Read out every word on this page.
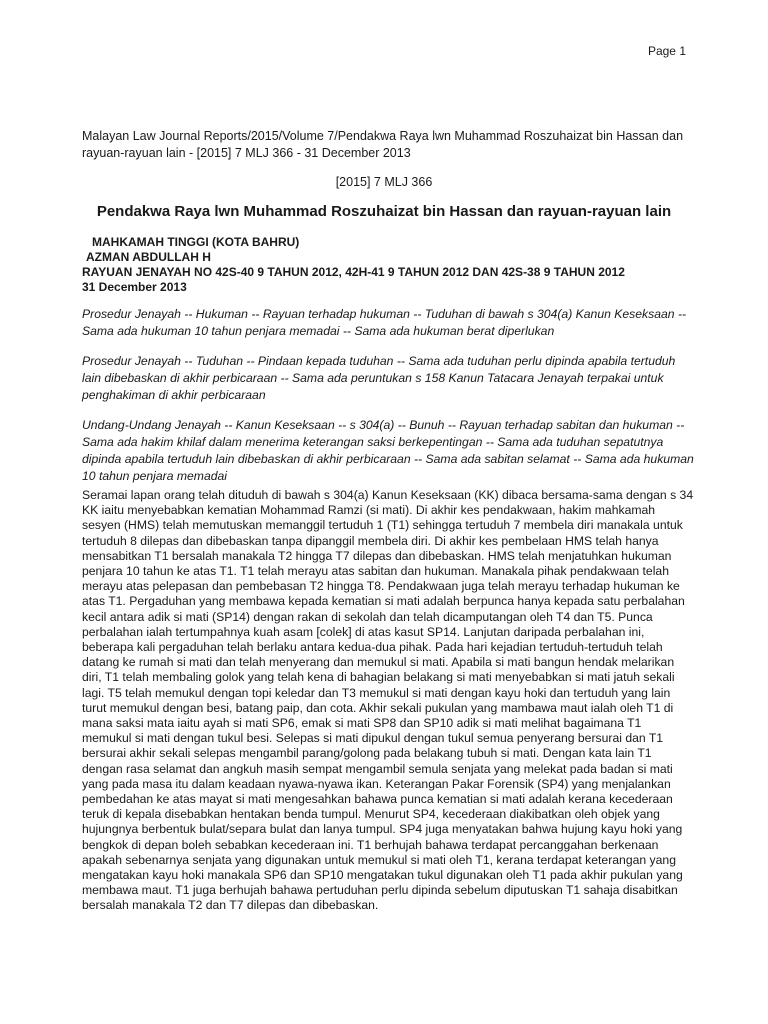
Page 1
Malayan Law Journal Reports/2015/Volume 7/Pendakwa Raya lwn Muhammad Roszuhaizat bin Hassan dan rayuan-rayuan lain - [2015] 7 MLJ 366 - 31 December 2013
[2015] 7 MLJ 366
Pendakwa Raya lwn Muhammad Roszuhaizat bin Hassan dan rayuan-rayuan lain
MAHKAMAH TINGGI (KOTA BAHRU)
AZMAN ABDULLAH H
RAYUAN JENAYAH NO 42S-40 9 TAHUN 2012, 42H-41 9 TAHUN 2012 DAN 42S-38 9 TAHUN 2012
31 December 2013

Prosedur Jenayah -- Hukuman -- Rayuan terhadap hukuman -- Tuduhan di bawah s 304(a) Kanun Keseksaan -- Sama ada hukuman 10 tahun penjara memadai -- Sama ada hukuman berat diperlukan

Prosedur Jenayah -- Tuduhan -- Pindaan kepada tuduhan -- Sama ada tuduhan perlu dipinda apabila tertuduh lain dibebaskan di akhir perbicaraan -- Sama ada peruntukan s 158 Kanun Tatacara Jenayah terpakai untuk penghakiman di akhir perbicaraan

Undang-Undang Jenayah -- Kanun Keseksaan -- s 304(a) -- Bunuh -- Rayuan terhadap sabitan dan hukuman -- Sama ada hakim khilaf dalam menerima keterangan saksi berkepentingan -- Sama ada tuduhan sepatutnya dipinda apabila tertuduh lain dibebaskan di akhir perbicaraan -- Sama ada sabitan selamat -- Sama ada hukuman 10 tahun penjara memadai

Seramai lapan orang telah dituduh di bawah s 304(a) Kanun Keseksaan (KK) dibaca bersama-sama dengan s 34 KK iaitu menyebabkan kematian Mohammad Ramzi (si mati). Di akhir kes pendakwaan, hakim mahkamah sesyen (HMS) telah memutuskan memanggil tertuduh 1 (T1) sehingga tertuduh 7 membela diri manakala untuk tertuduh 8 dilepas dan dibebaskan tanpa dipanggil membela diri. Di akhir kes pembelaan HMS telah hanya mensabitkan T1 bersalah manakala T2 hingga T7 dilepas dan dibebaskan. HMS telah menjatuhkan hukuman penjara 10 tahun ke atas T1. T1 telah merayu atas sabitan dan hukuman. Manakala pihak pendakwaan telah merayu atas pelepasan dan pembebasan T2 hingga T8. Pendakwaan juga telah merayu terhadap hukuman ke atas T1. Pergaduhan yang membawa kepada kematian si mati adalah berpunca hanya kepada satu perbalahan kecil antara adik si mati (SP14) dengan rakan di sekolah dan telah dicamputangan oleh T4 dan T5. Punca perbalahan ialah tertumpahnya kuah asam [colek] di atas kasut SP14. Lanjutan daripada perbalahan ini, beberapa kali pergaduhan telah berlaku antara kedua-dua pihak. Pada hari kejadian tertuduh-tertuduh telah datang ke rumah si mati dan telah menyerang dan memukul si mati. Apabila si mati bangun hendak melarikan diri, T1 telah membaling golok yang telah kena di bahagian belakang si mati menyebabkan si mati jatuh sekali lagi. T5 telah memukul dengan topi keledar dan T3 memukul si mati dengan kayu hoki dan tertuduh yang lain turut memukul dengan besi, batang paip, dan cota. Akhir sekali pukulan yang mambawa maut ialah oleh T1 di mana saksi mata iaitu ayah si mati SP6, emak si mati SP8 dan SP10 adik si mati melihat bagaimana T1 memukul si mati dengan tukul besi. Selepas si mati dipukul dengan tukul semua penyerang bersurai dan T1 bersurai akhir sekali selepas mengambil parang/golong pada belakang tubuh si mati. Dengan kata lain T1 dengan rasa selamat dan angkuh masih sempat mengambil semula senjata yang melekat pada badan si mati yang pada masa itu dalam keadaan nyawa-nyawa ikan. Keterangan Pakar Forensik (SP4) yang menjalankan pembedahan ke atas mayat si mati mengesahkan bahawa punca kematian si mati adalah kerana kecederaan teruk di kepala disebabkan hentakan benda tumpul. Menurut SP4, kecederaan diakibatkan oleh objek yang hujungnya berbentuk bulat/separa bulat dan lanya tumpul. SP4 juga menyatakan bahwa hujung kayu hoki yang bengkok di depan boleh sebabkan kecederaan ini. T1 berhujah bahawa terdapat percanggahan berkenaan apakah sebenarnya senjata yang digunakan untuk memukul si mati oleh T1, kerana terdapat keterangan yang mengatakan kayu hoki manakala SP6 dan SP10 mengatakan tukul digunakan oleh T1 pada akhir pukulan yang membawa maut. T1 juga berhujah bahawa pertuduhan perlu dipinda sebelum diputuskan T1 sahaja disabitkan bersalah manakala T2 dan T7 dilepas dan dibebaskan.
